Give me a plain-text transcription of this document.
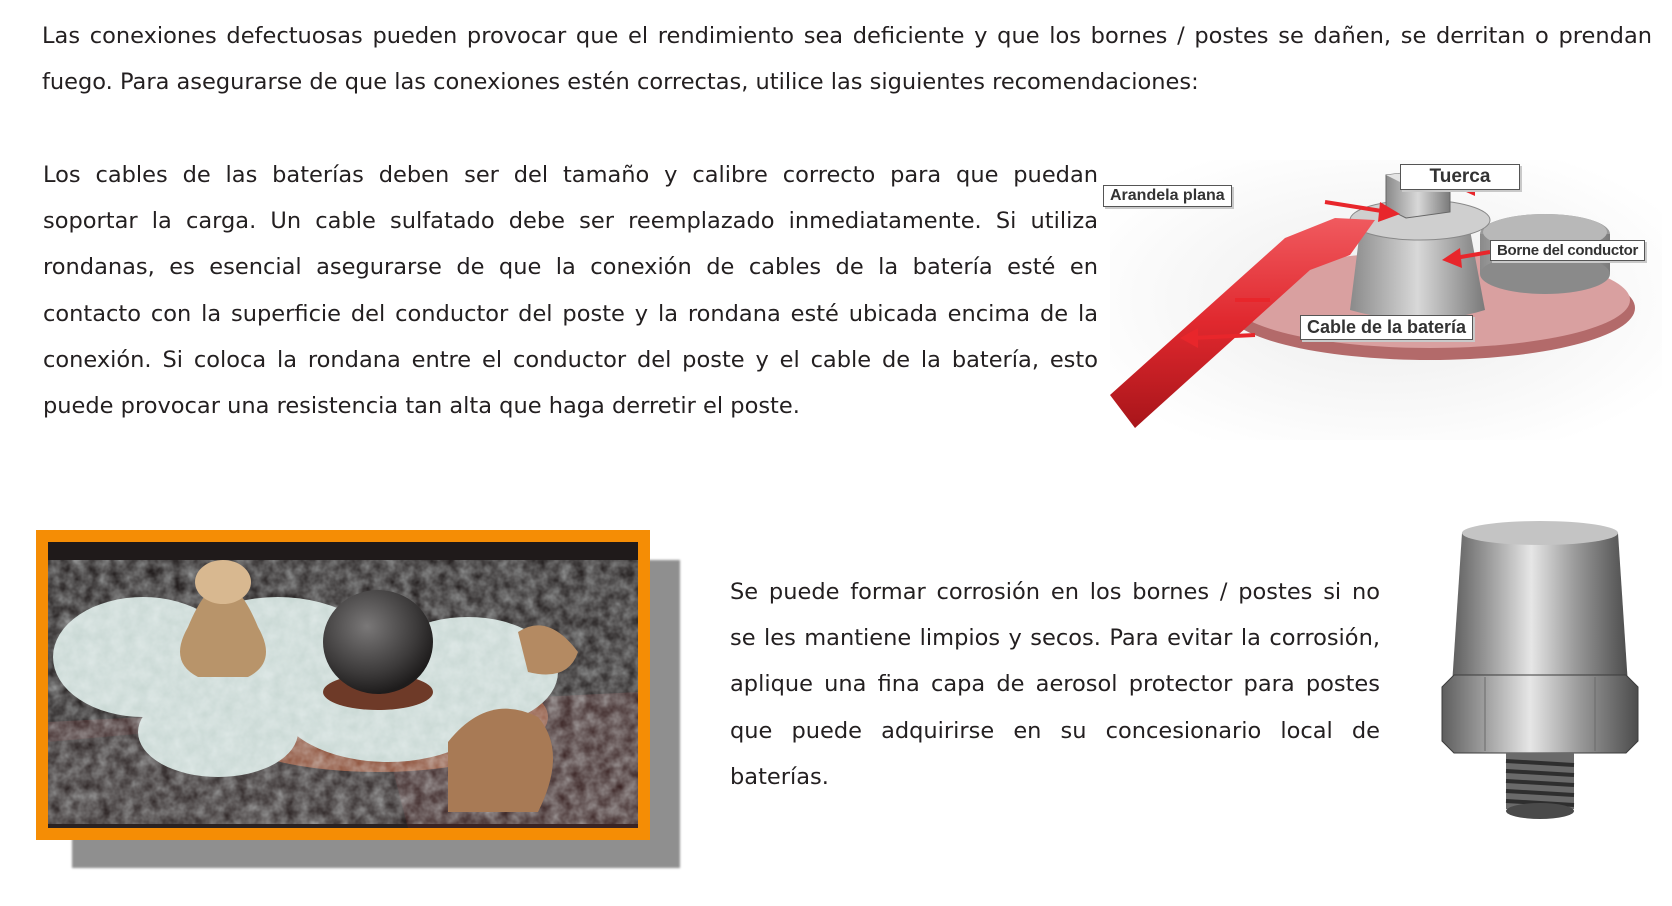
Las conexiones defectuosas pueden provocar que el rendimiento sea deficiente y que los bornes / postes se dañen, se derritan o prendan
fuego. Para asegurarse de que las conexiones estén correctas, utilice las siguientes recomendaciones:
Los cables de las baterías deben ser del tamaño y calibre correcto para que puedan
soportar la carga. Un cable sulfatado debe ser reemplazado inmediatamente. Si utiliza
rondanas, es esencial asegurarse de que la conexión de cables de la batería esté en
contacto con la superficie del conductor del poste y la rondana esté ubicada encima de la
conexión. Si coloca la rondana entre el conductor del poste y el cable de la batería, esto
puede provocar una resistencia tan alta que haga derretir el poste.
Tuerca
Arandela plana
Borne del conductor
Cable de la batería
Se puede formar corrosión en los bornes / postes si no
se les mantiene limpios y secos. Para evitar la corrosión,
aplique una fina capa de aerosol protector para postes
que puede adquirirse en su concesionario local de
baterías.
